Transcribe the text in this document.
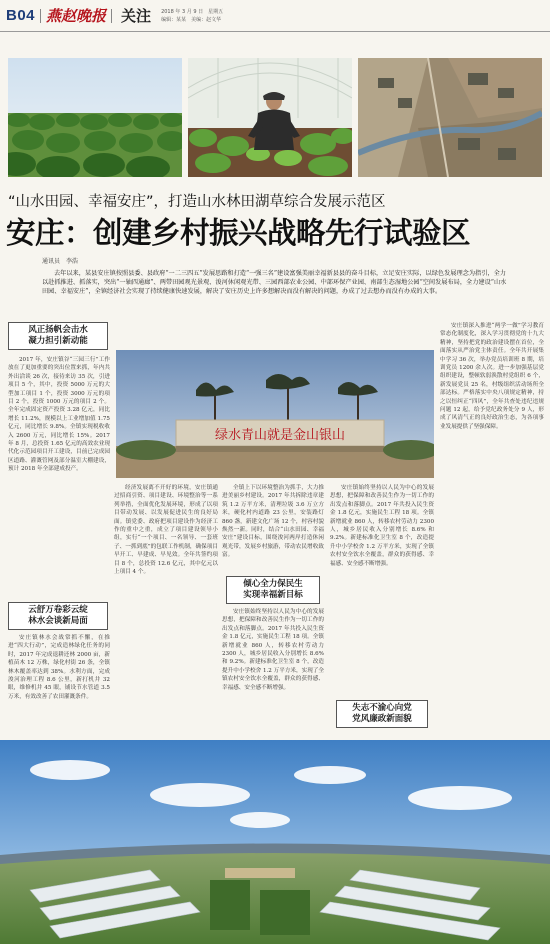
B04 燕赵晚报 关注 2018 年 3 月 9 日　星期五
编辑：某某　美编：赵文华
“山水田园、幸福安庄”，打造山水林田湖草综合发展示范区
安庄：创建乡村振兴战略先行试验区
通讯员　李浩

去年以来，某县安庄镇按照县委、县政府“一二三四五”发展思路和打造“一强三名”建设富强美丽幸福新县县的奋斗目标，立足安庄实际，以绿色发展理念为指引，全力以赴抓推进、抓落实，突出“一轴四通廊”、两带田园观光景观、浚河休闲观光带、三园西部农业公园、中部环保产业园、南部生态湿地公园“空间发展布局，全力建设“山水田园、幸福安庄”，全镇经济社会实现了持续健康快速发展，解决了安庄历史上许多想解决而没有解决的问题，办成了过去想办而没有办成的大事。

风正扬帆会击水
凝力担引新动能

2017 年，安庄镇谷“三园三行”工作放在了更加重要的突出位置来抓，年内共外出洽谈 26 次，接待来访 35 次，引进项目 5 个，其中，投资 5000 万元的大型加工项目 1 个，投资 3000 万元的项目 2 个，投资 1000 万元的项目 2 个。全年完成固定资产投资 3.28 亿元，同比增长 11.2%，规模以上工业增加值 1.75 亿元，同比增长 9.8%。全镇实现税收收入 2600 万元，同比增长 15%。2017 年 8 月，总投资 1.65 亿元的高效农业现代化示范园项目开工建设，目前已完成园区道路、灌溉管网及部分温室大棚建设，预计 2018 年全部建成投产。

云舒万卷彩云绽
林水会谈新局面

安庄镇林水会战常抓不懈，在推进“四大行动”，完成造林绿化任务的同时，2017 年完成退耕还林 2000 亩，新植苗木 12 万株，绿化村街 26 条，全镇林木覆盖率达到 38%。水利方面，完成浚河治理工程 8.6 公里，新打机井 32 眼，维修机井 45 眼，铺设节水管道 3.5 万米，有效改善了农田灌溉条件。

绿水青山就是金山银山

经济发展离不开好的环境，安庄镇通过招商引资、项目建设、环境整治等一系列举措，全面优化发展环境，形成了以项目带动发展、以发展促进民生的良好局面。镇党委、政府把项目建设作为经济工作的重中之重，成立了项目建设领导小组，实行“一个项目、一名领导、一套班子、一抓到底”的包联工作机制，确保项目早开工、早建成、早见效。全年共签约项目 8 个，总投资 12.6 亿元，其中亿元以上项目 4 个。

全镇上下以环境整治为抓手，大力推进美丽乡村建设。2017 年共拆除违章建筑 1.2 万平方米，清理垃圾 3.6 万立方米，硬化村内道路 23 公里，安装路灯 860 盏，新建文化广场 12 个，村容村貌焕然一新。同时，结合“山水田园、幸福安庄”建设目标，围绕浚河两岸打造休闲观光带，发展乡村旅游，带动农民增收致富。

倾心全力保民生
实现幸福新目标

安庄镇始终坚持以人民为中心的发展思想，把保障和改善民生作为一切工作的出发点和落脚点。2017 年共投入民生资金 1.8 亿元，实施民生工程 18 项。全镇新增就业 860 人，转移农村劳动力 2300 人，城乡居民收入分别增长 8.6% 和 9.2%。新建标准化卫生室 8 个，改造提升中小学校舍 1.2 万平方米，实现了全镇农村安全饮水全覆盖，群众的获得感、幸福感、安全感不断增强。

安庄镇始终坚持以人民为中心的发展思想，把保障和改善民生作为一切工作的出发点和落脚点。2017 年共投入民生资金 1.8 亿元，实施民生工程 18 项。全镇新增就业 860 人，转移农村劳动力 2300 人，城乡居民收入分别增长 8.6% 和 9.2%。新建标准化卫生室 8 个，改造提升中小学校舍 1.2 万平方米，实现了全镇农村安全饮水全覆盖，群众的获得感、幸福感、安全感不断增强。

失志不渝心向党
党风廉政新面貌

安庄镇深入推进“两学一做”学习教育常态化制度化，深入学习贯彻党的十九大精神，坚持把党的政治建设摆在首位，全面落实从严治党主体责任。全年共开展集中学习 36 次，举办党员培训班 8 期，培训党员 1200 余人次。进一步加强基层党组织建设，整顿软弱涣散村党组织 6 个，新发展党员 25 名，村级组织活动场所全部达标。严格落实中央八项规定精神，持之以恒纠正“四风”，全年共查处违纪违规问题 12 起，给予党纪政务处分 9 人，形成了风清气正的良好政治生态，为各项事业发展提供了坚强保障。
